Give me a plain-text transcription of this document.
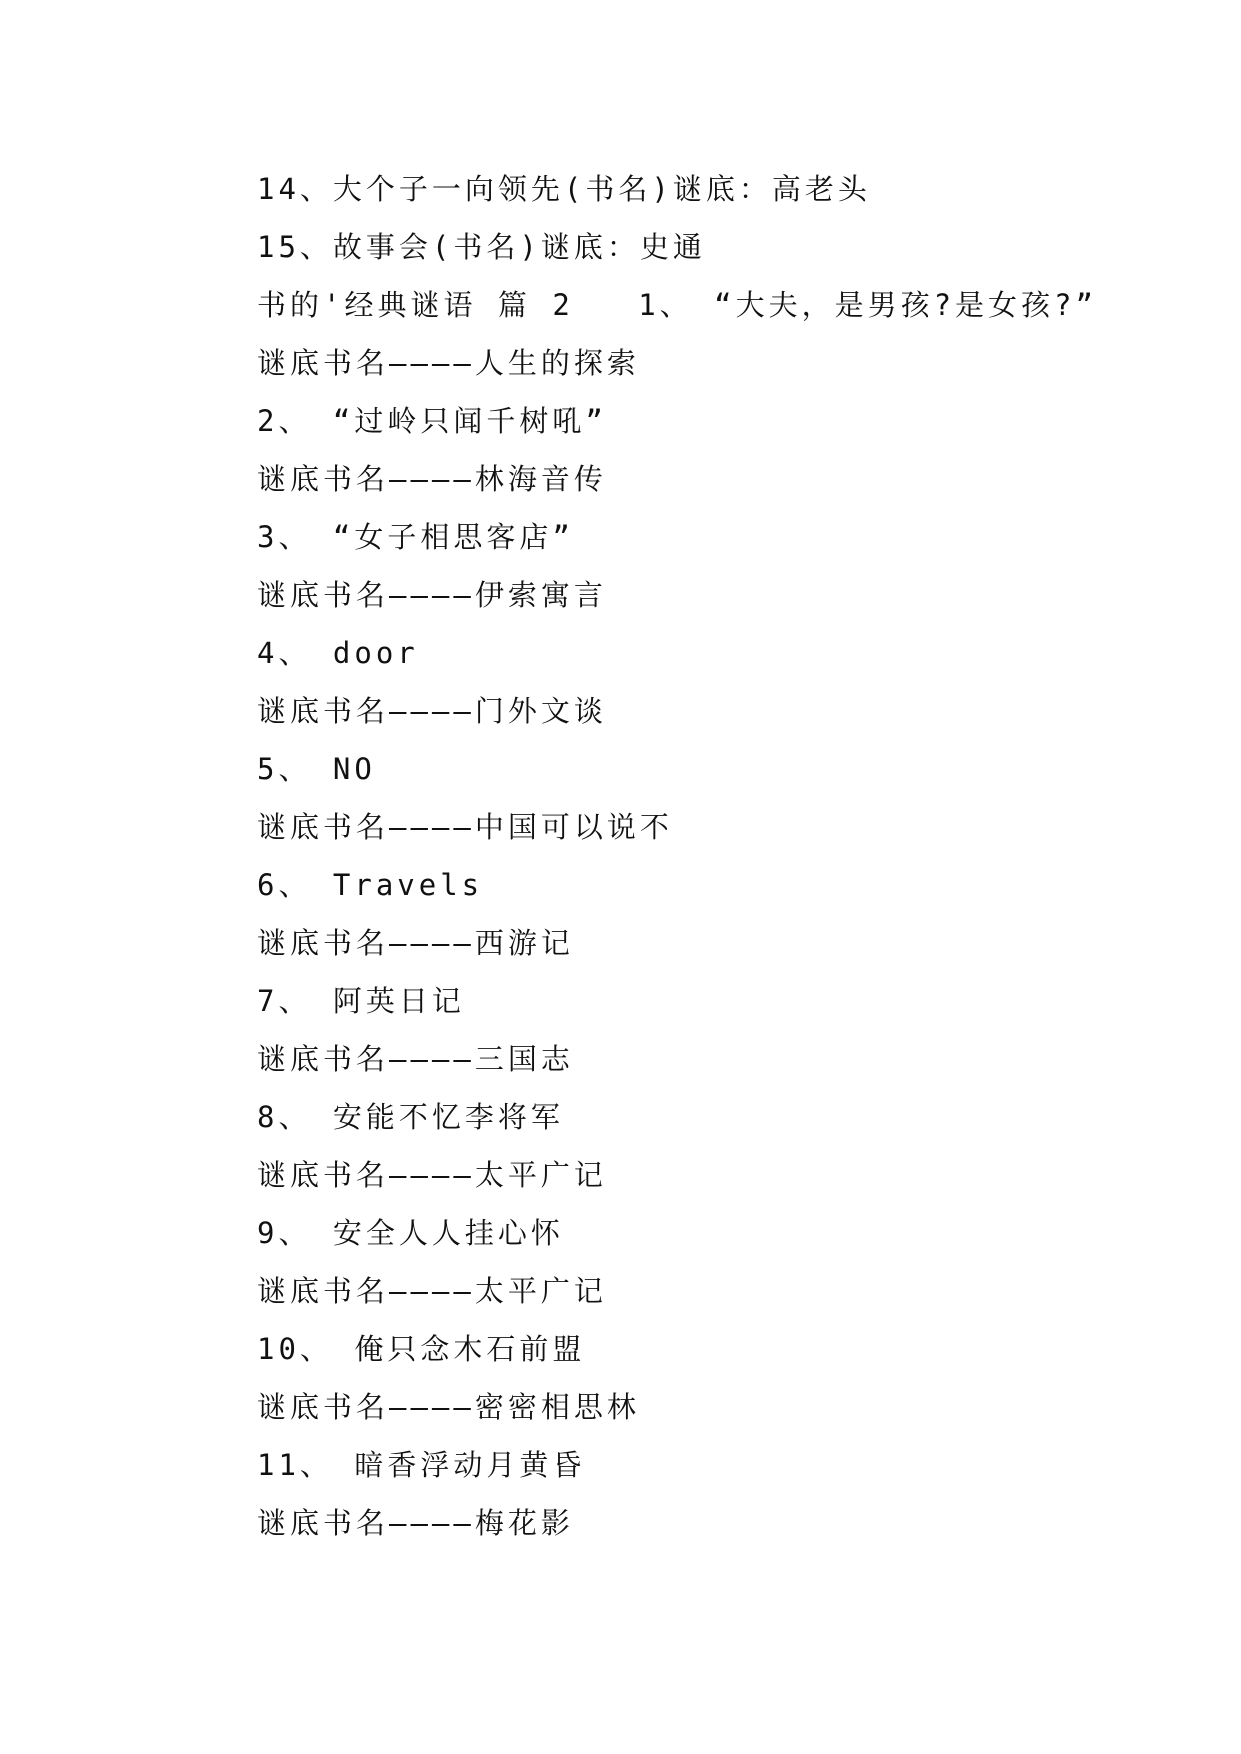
14、大个子一向领先(书名)谜底：高老头
15、故事会(书名)谜底：史通
书的'经典谜语 篇 2   1、 “大夫，是男孩?是女孩?”
谜底书名————人生的探索
2、 “过岭只闻千树吼”
谜底书名————林海音传
3、 “女子相思客店”
谜底书名————伊索寓言
4、 door
谜底书名————门外文谈
5、 NO
谜底书名————中国可以说不
6、 Travels
谜底书名————西游记
7、 阿英日记
谜底书名————三国志
8、 安能不忆李将军
谜底书名————太平广记
9、 安全人人挂心怀
谜底书名————太平广记
10、 俺只念木石前盟
谜底书名————密密相思林
11、 暗香浮动月黄昏
谜底书名————梅花影
